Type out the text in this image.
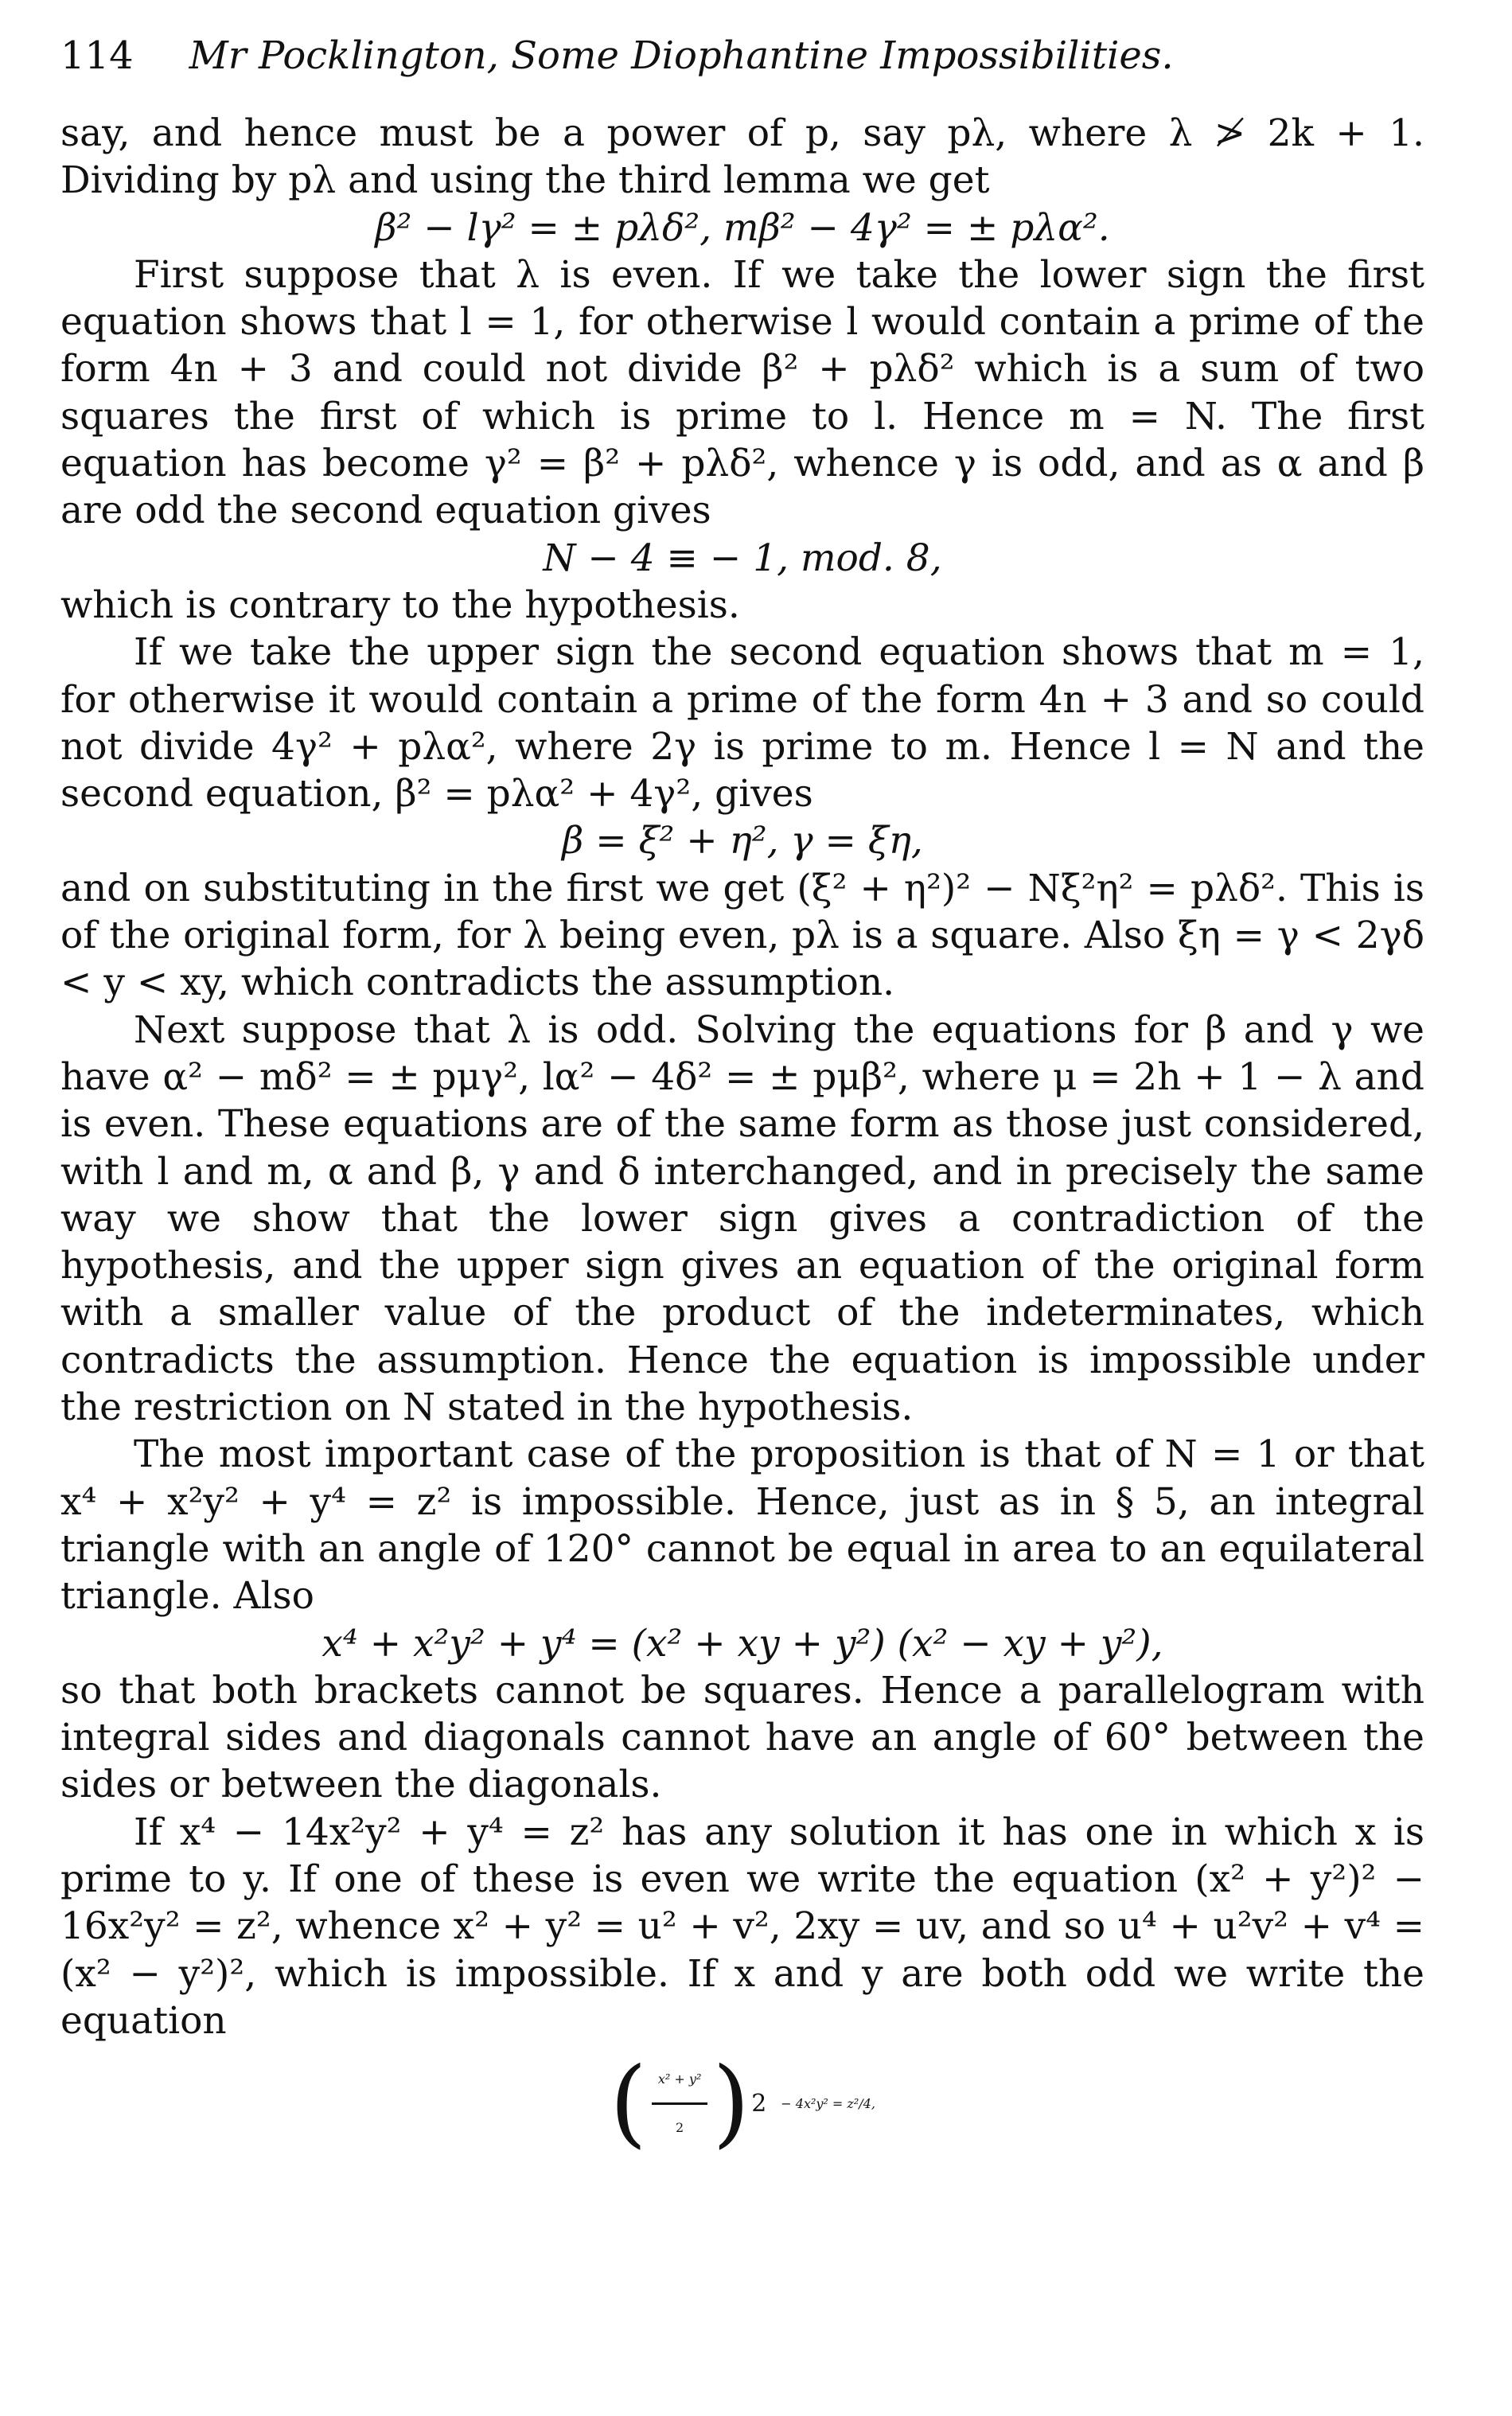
114 Mr Pocklington, Some Diophantine Impossibilities.

say, and hence must be a power of p, say pλ, where λ ≯ 2k + 1. Dividing by pλ and using the third lemma we get

β² − lγ² = ± pλδ², mβ² − 4γ² = ± pλα².

First suppose that λ is even. If we take the lower sign the first equation shows that l = 1, for otherwise l would contain a prime of the form 4n + 3 and could not divide β² + pλδ² which is a sum of two squares the first of which is prime to l. Hence m = N. The first equation has become γ² = β² + pλδ², whence γ is odd, and as α and β are odd the second equation gives

N − 4 ≡ − 1, mod. 8,

which is contrary to the hypothesis.

If we take the upper sign the second equation shows that m = 1, for otherwise it would contain a prime of the form 4n + 3 and so could not divide 4γ² + pλα², where 2γ is prime to m. Hence l = N and the second equation, β² = pλα² + 4γ², gives

β = ξ² + η², γ = ξη,

and on substituting in the first we get (ξ² + η²)² − Nξ²η² = pλδ². This is of the original form, for λ being even, pλ is a square. Also ξη = γ < 2γδ < y < xy, which contradicts the assumption.

Next suppose that λ is odd. Solving the equations for β and γ we have α² − mδ² = ± pμγ², lα² − 4δ² = ± pμβ², where μ = 2h + 1 − λ and is even. These equations are of the same form as those just considered, with l and m, α and β, γ and δ interchanged, and in precisely the same way we show that the lower sign gives a contradiction of the hypothesis, and the upper sign gives an equation of the original form with a smaller value of the product of the indeterminates, which contradicts the assumption. Hence the equation is impossible under the restriction on N stated in the hypothesis.

The most important case of the proposition is that of N = 1 or that x⁴ + x²y² + y⁴ = z² is impossible. Hence, just as in § 5, an integral triangle with an angle of 120° cannot be equal in area to an equilateral triangle. Also

x⁴ + x²y² + y⁴ = (x² + xy + y²) (x² − xy + y²),

so that both brackets cannot be squares. Hence a parallelogram with integral sides and diagonals cannot have an angle of 60° between the sides or between the diagonals.

If x⁴ − 14x²y² + y⁴ = z² has any solution it has one in which x is prime to y. If one of these is even we write the equation (x² + y²)² − 16x²y² = z², whence x² + y² = u² + v², 2xy = uv, and so u⁴ + u²v² + v⁴ = (x² − y²)², which is impossible. If x and y are both odd we write the equation

( $\frac{\text{x² + y²}}{2}$ ) 2 − 4x²y² = z²/4,
